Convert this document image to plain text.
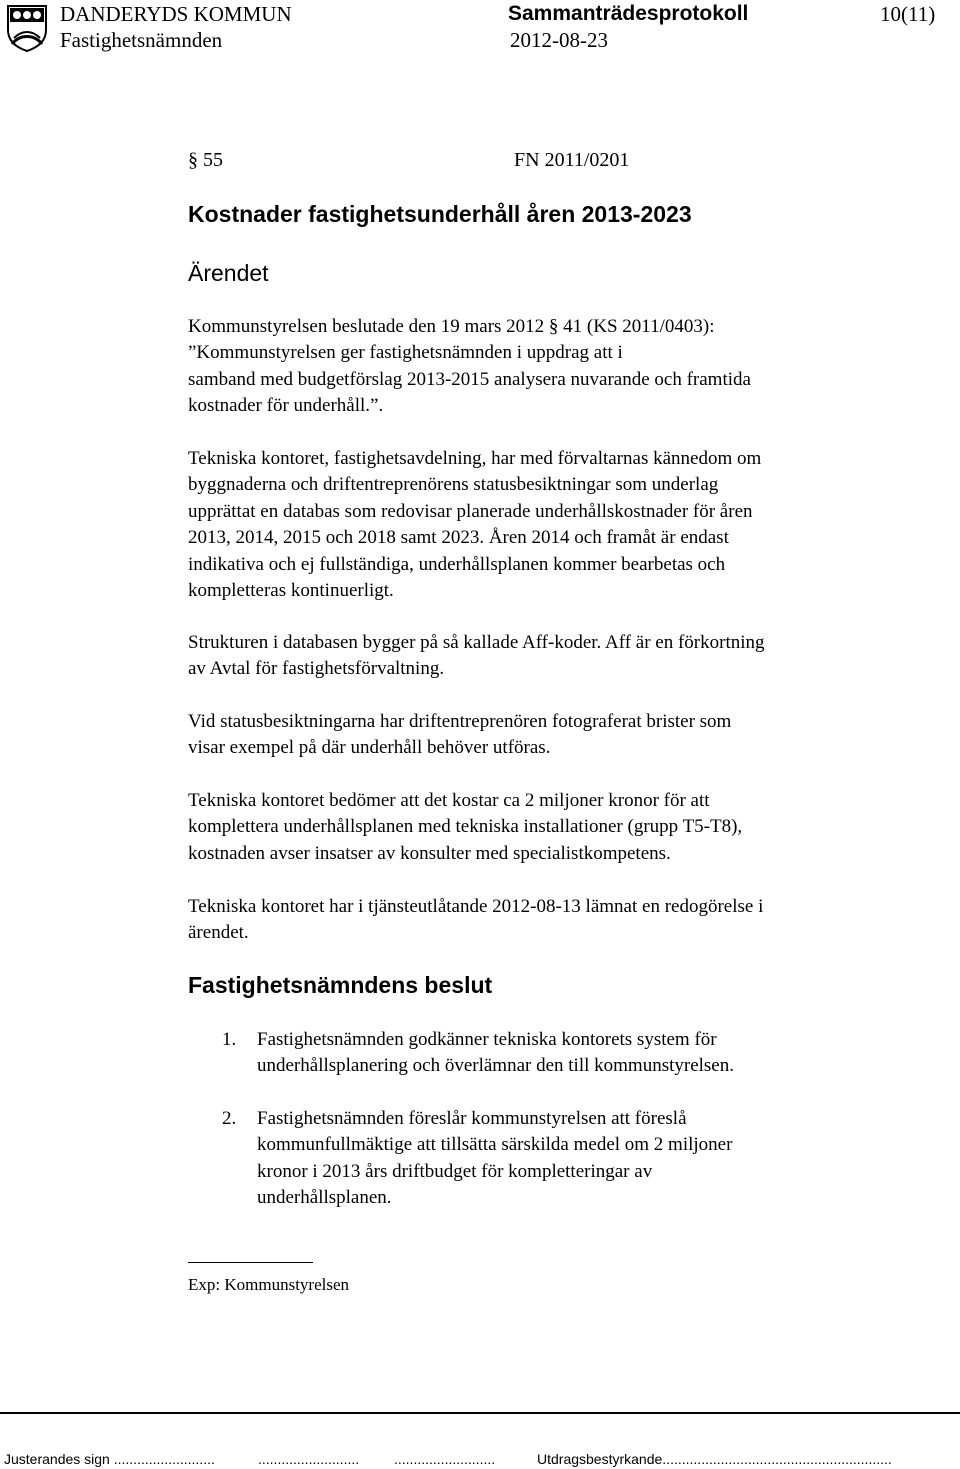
DANDERYDS KOMMUN
Fastighetsnämnden
Sammanträdesprotokoll
2012-08-23
10(11)
§ 55	FN 2011/0201
Kostnader fastighetsunderhåll åren 2013-2023
Ärendet
Kommunstyrelsen beslutade den 19 mars 2012 § 41 (KS 2011/0403):
”Kommunstyrelsen ger fastighetsnämnden i uppdrag att i
samband med budgetförslag 2013-2015 analysera nuvarande och framtida
kostnader för underhåll.”.
Tekniska kontoret, fastighetsavdelning, har med förvaltarnas kännedom om
byggnaderna och driftentreprenörens statusbesiktningar som underlag
upprättat en databas som redovisar planerade underhållskostnader för åren
2013, 2014, 2015 och 2018 samt 2023. Åren 2014 och framåt är endast
indikativa och ej fullständiga, underhållsplanen kommer bearbetas och
kompletteras kontinuerligt.
Strukturen i databasen bygger på så kallade Aff-koder. Aff är en förkortning
av Avtal för fastighetsförvaltning.
Vid statusbesiktningarna har driftentreprenören fotograferat brister som
visar exempel på där underhåll behöver utföras.
Tekniska kontoret bedömer att det kostar ca 2 miljoner kronor för att
komplettera underhållsplanen med tekniska installationer (grupp T5-T8),
kostnaden avser insatser av konsulter med specialistkompetens.
Tekniska kontoret har i tjänsteutlåtande 2012-08-13 lämnat en redogörelse i
ärendet.
Fastighetsnämndens beslut
1. Fastighetsnämnden godkänner tekniska kontorets system för
underhållsplanering och överlämnar den till kommunstyrelsen.
2. Fastighetsnämnden föreslår kommunstyrelsen att föreslå
kommunfullmäktige att tillsätta särskilda medel om 2 miljoner
kronor i 2013 års driftbudget för kompletteringar av
underhållsplanen.
Exp: Kommunstyrelsen
Justerandes sign ..........................	.......................... ..........................	Utdragsbestyrkande...........................................................
